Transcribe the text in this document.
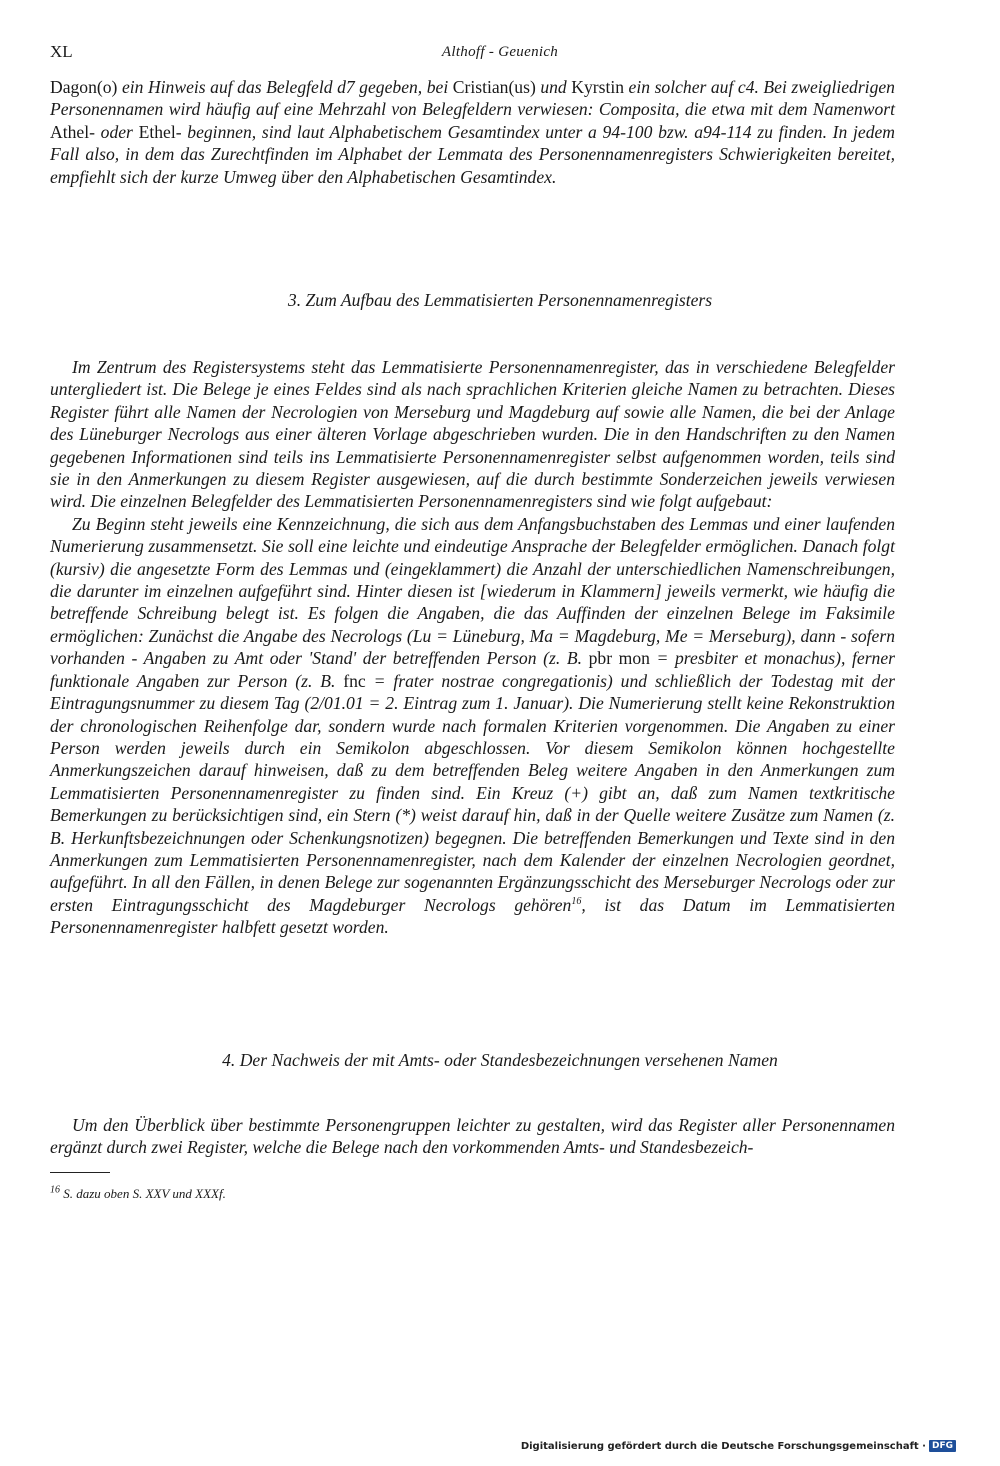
XL	Althoff - Geuenich

Dagon(o) ein Hinweis auf das Belegfeld d7 gegeben, bei Cristian(us) und Kyrstin ein solcher auf c4. Bei zweigliedrigen Personennamen wird häufig auf eine Mehrzahl von Belegfeldern verwiesen: Composita, die etwa mit dem Namenwort Athel- oder Ethel- beginnen, sind laut Alphabetischem Gesamtindex unter a 94-100 bzw. a94-114 zu finden. In jedem Fall also, in dem das Zurechtfinden im Alphabet der Lemmata des Personennamenregisters Schwierigkeiten bereitet, empfiehlt sich der kurze Umweg über den Alphabetischen Gesamtindex.

3. Zum Aufbau des Lemmatisierten Personennamenregisters

Im Zentrum des Registersystems steht das Lemmatisierte Personennamenregister, das in verschiedene Belegfelder untergliedert ist. Die Belege je eines Feldes sind als nach sprachlichen Kriterien gleiche Namen zu betrachten. Dieses Register führt alle Namen der Necrologien von Merseburg und Magdeburg auf sowie alle Namen, die bei der Anlage des Lüneburger Necrologs aus einer älteren Vorlage abgeschrieben wurden. Die in den Handschriften zu den Namen gegebenen Informationen sind teils ins Lemmatisierte Personennamenregister selbst aufgenommen worden, teils sind sie in den Anmerkungen zu diesem Register ausgewiesen, auf die durch bestimmte Sonderzeichen jeweils verwiesen wird. Die einzelnen Belegfelder des Lemmatisierten Personennamenregisters sind wie folgt aufgebaut:

Zu Beginn steht jeweils eine Kennzeichnung, die sich aus dem Anfangsbuchstaben des Lemmas und einer laufenden Numerierung zusammensetzt. Sie soll eine leichte und eindeutige Ansprache der Belegfelder ermöglichen. Danach folgt (kursiv) die angesetzte Form des Lemmas und (eingeklammert) die Anzahl der unterschiedlichen Namenschreibungen, die darunter im einzelnen aufgeführt sind. Hinter diesen ist [wiederum in Klammern] jeweils vermerkt, wie häufig die betreffende Schreibung belegt ist. Es folgen die Angaben, die das Auffinden der einzelnen Belege im Faksimile ermöglichen: Zunächst die Angabe des Necrologs (Lu = Lüneburg, Ma = Magdeburg, Me = Merseburg), dann - sofern vorhanden - Angaben zu Amt oder 'Stand' der betreffenden Person (z. B. pbr mon = presbiter et monachus), ferner funktionale Angaben zur Person (z. B. fnc = frater nostrae congregationis) und schließlich der Todestag mit der Eintragungsnummer zu diesem Tag (2/01.01 = 2. Eintrag zum 1. Januar). Die Numerierung stellt keine Rekonstruktion der chronologischen Reihenfolge dar, sondern wurde nach formalen Kriterien vorgenommen. Die Angaben zu einer Person werden jeweils durch ein Semikolon abgeschlossen. Vor diesem Semikolon können hochgestellte Anmerkungszeichen darauf hinweisen, daß zu dem betreffenden Beleg weitere Angaben in den Anmerkungen zum Lemmatisierten Personennamenregister zu finden sind. Ein Kreuz (+) gibt an, daß zum Namen textkritische Bemerkungen zu berücksichtigen sind, ein Stern (*) weist darauf hin, daß in der Quelle weitere Zusätze zum Namen (z. B. Herkunftsbezeichnungen oder Schenkungsnotizen) begegnen. Die betreffenden Bemerkungen und Texte sind in den Anmerkungen zum Lemmatisierten Personennamenregister, nach dem Kalender der einzelnen Necrologien geordnet, aufgeführt. In all den Fällen, in denen Belege zur sogenannten Ergänzungsschicht des Merseburger Necrologs oder zur ersten Eintragungsschicht des Magdeburger Necrologs gehören$^{16}$, ist das Datum im Lemmatisierten Personennamenregister halbfett gesetzt worden.

4. Der Nachweis der mit Amts- oder Standesbezeichnungen versehenen Namen

Um den Überblick über bestimmte Personengruppen leichter zu gestalten, wird das Register aller Personennamen ergänzt durch zwei Register, welche die Belege nach den vorkommenden Amts- und Standesbezeich-

$^{16}$ S. dazu oben S. XXV und XXXf.
Digitalisierung gefördert durch die Deutsche Forschungsgemeinschaft · DFG
